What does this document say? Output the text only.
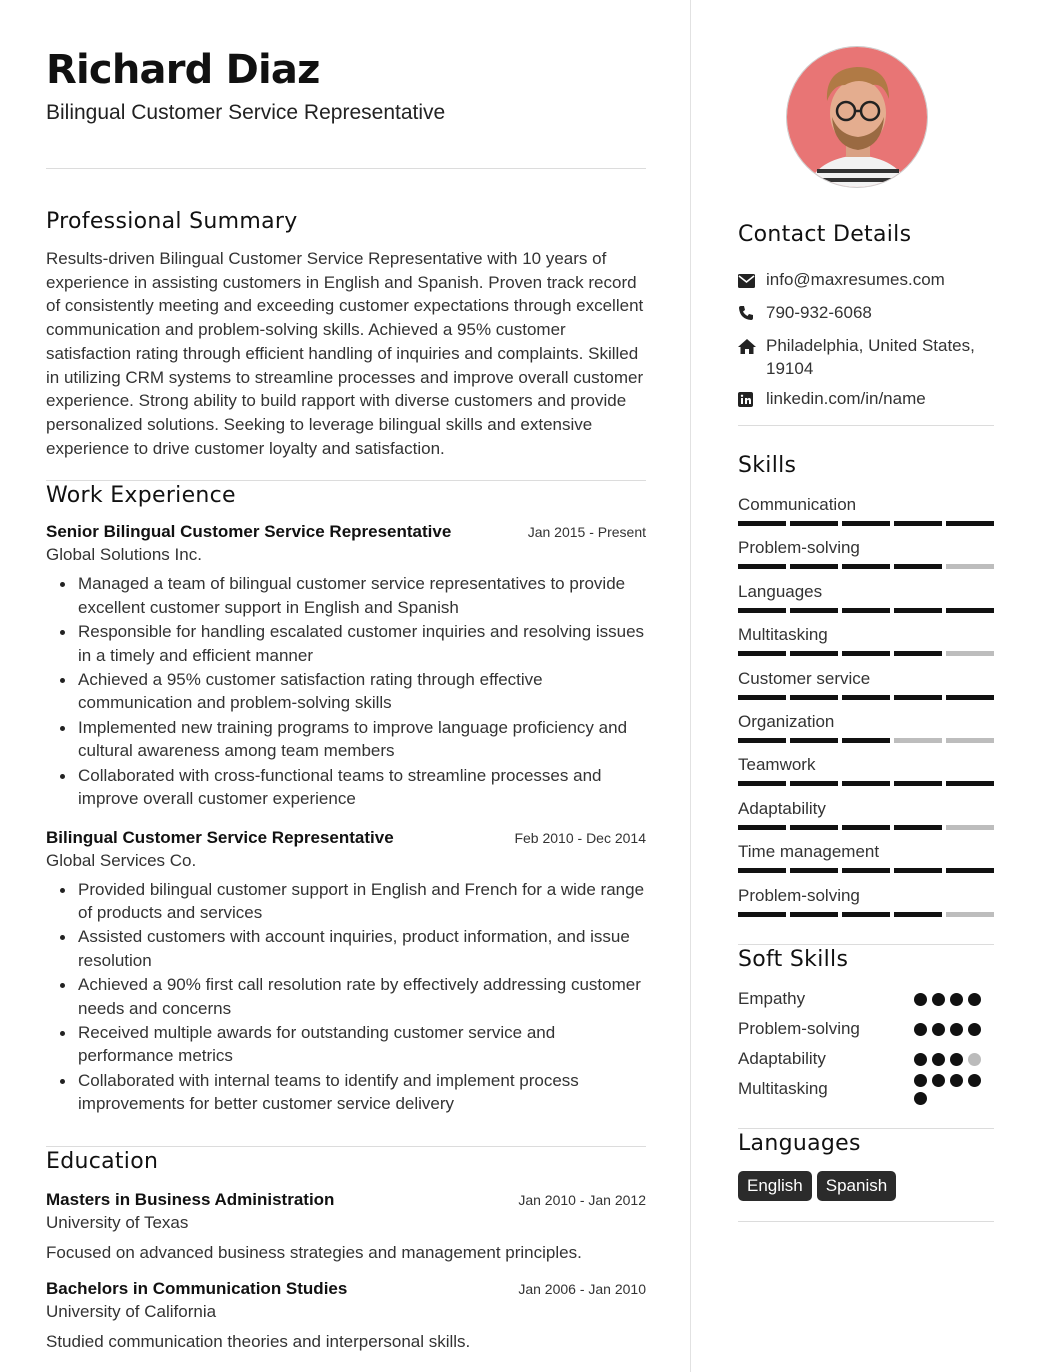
Richard Diaz
Bilingual Customer Service Representative
Professional Summary
Results-driven Bilingual Customer Service Representative with 10 years of experience in assisting customers in English and Spanish. Proven track record of consistently meeting and exceeding customer expectations through excellent communication and problem-solving skills. Achieved a 95% customer satisfaction rating through efficient handling of inquiries and complaints. Skilled in utilizing CRM systems to streamline processes and improve overall customer experience. Strong ability to build rapport with diverse customers and provide personalized solutions. Seeking to leverage bilingual skills and extensive experience to drive customer loyalty and satisfaction.
Work Experience
Senior Bilingual Customer Service Representative	Jan 2015 - Present
Global Solutions Inc.
Managed a team of bilingual customer service representatives to provide excellent customer support in English and Spanish
Responsible for handling escalated customer inquiries and resolving issues in a timely and efficient manner
Achieved a 95% customer satisfaction rating through effective communication and problem-solving skills
Implemented new training programs to improve language proficiency and cultural awareness among team members
Collaborated with cross-functional teams to streamline processes and improve overall customer experience
Bilingual Customer Service Representative	Feb 2010 - Dec 2014
Global Services Co.
Provided bilingual customer support in English and French for a wide range of products and services
Assisted customers with account inquiries, product information, and issue resolution
Achieved a 90% first call resolution rate by effectively addressing customer needs and concerns
Received multiple awards for outstanding customer service and performance metrics
Collaborated with internal teams to identify and implement process improvements for better customer service delivery
Education
Masters in Business Administration	Jan 2010 - Jan 2012
University of Texas
Focused on advanced business strategies and management principles.
Bachelors in Communication Studies	Jan 2006 - Jan 2010
University of California
Studied communication theories and interpersonal skills.
Contact Details
info@maxresumes.com
790-932-6068
Philadelphia, United States, 19104
linkedin.com/in/name
Skills
Communication
Problem-solving
Languages
Multitasking
Customer service
Organization
Teamwork
Adaptability
Time management
Problem-solving
Soft Skills
Empathy
Problem-solving
Adaptability
Multitasking
Languages
English Spanish
